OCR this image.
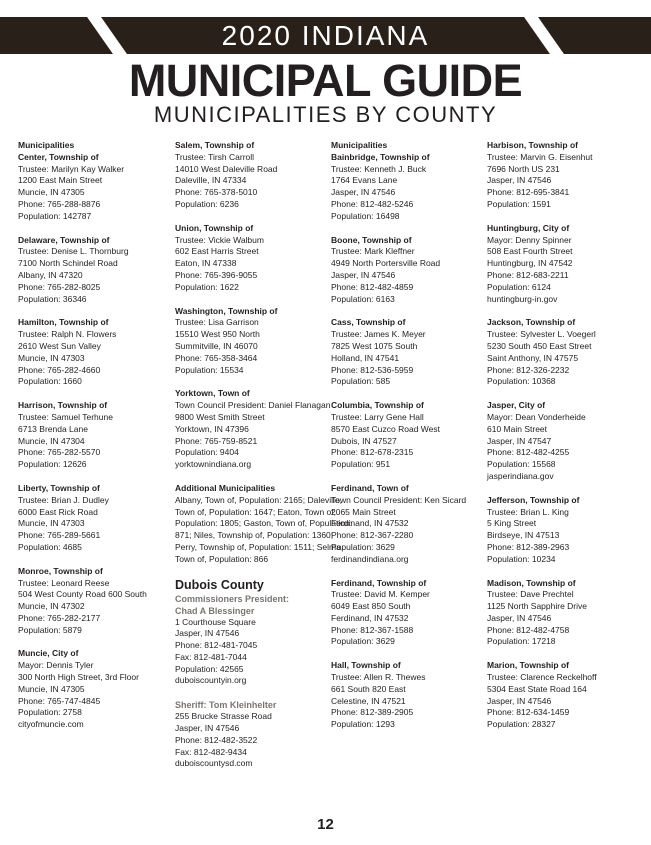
2020 INDIANA
MUNICIPAL GUIDE
MUNICIPALITIES BY COUNTY
Municipalities
Center, Township of
Trustee: Marilyn Kay Walker
1200 East Main Street
Muncie, IN 47305
Phone: 765-288-8876
Population: 142787
Delaware, Township of
Trustee: Denise L. Thornburg
7100 North Schindel Road
Albany, IN 47320
Phone: 765-282-8025
Population: 36346
Hamilton, Township of
Trustee: Ralph N. Flowers
2610 West Sun Valley
Muncie, IN 47303
Phone: 765-282-4660
Population: 1660
Harrison, Township of
Trustee: Samuel Terhune
6713 Brenda Lane
Muncie, IN 47304
Phone: 765-282-5570
Population: 12626
Liberty, Township of
Trustee: Brian J. Dudley
6000 East Rick Road
Muncie, IN 47303
Phone: 765-289-5661
Population: 4685
Monroe, Township of
Trustee: Leonard Reese
504 West County Road 600 South
Muncie, IN 47302
Phone: 765-282-2177
Population: 5879
Muncie, City of
Mayor: Dennis Tyler
300 North High Street, 3rd Floor
Muncie, IN 47305
Phone: 765-747-4845
Population: 2758
cityofmuncie.com
Salem, Township of
Trustee: Tirsh Carroll
14010 West Daleville Road
Daleville, IN 47334
Phone: 765-378-5010
Population: 6236
Union, Township of
Trustee: Vickie Walbum
602 East Harris Street
Eaton, IN 47338
Phone: 765-396-9055
Population: 1622
Washington, Township of
Trustee: Lisa Garrison
15510 West 950 North
Summitville, IN 46070
Phone: 765-358-3464
Population: 15534
Yorktown, Town of
Town Council President: Daniel Flanagan
9800 West Smith Street
Yorktown, IN 47396
Phone: 765-759-8521
Population: 9404
yorktownindiana.org
Additional Municipalities
Albany, Town of, Population: 2165; Daleville,
Town of, Population: 1647; Eaton, Town of,
Population: 1805; Gaston, Town of, Population:
871; Niles, Township of, Population: 1360;
Perry, Township of, Population: 1511; Selma,
Town of, Population: 866
Dubois County
Commissioners President:
Chad A Blessinger
1 Courthouse Square
Jasper, IN 47546
Phone: 812-481-7045
Fax: 812-481-7044
Population: 42565
duboiscountyin.org
Sheriff: Tom Kleinhelter
255 Brucke Strasse Road
Jasper, IN 47546
Phone: 812-482-3522
Fax: 812-482-9434
duboiscountysd.com
Municipalities
Bainbridge, Township of
Trustee: Kenneth J. Buck
1764 Evans Lane
Jasper, IN 47546
Phone: 812-482-5246
Population: 16498
Boone, Township of
Trustee: Mark Kleffner
4949 North Portersville Road
Jasper, IN 47546
Phone: 812-482-4859
Population: 6163
Cass, Township of
Trustee: James K. Meyer
7825 West 1075 South
Holland, IN 47541
Phone: 812-536-5959
Population: 585
Columbia, Township of
Trustee: Larry Gene Hall
8570 East Cuzco Road West
Dubois, IN 47527
Phone: 812-678-2315
Population: 951
Ferdinand, Town of
Town Council President: Ken Sicard
2065 Main Street
Ferdinand, IN 47532
Phone: 812-367-2280
Population: 3629
ferdinandindiana.org
Ferdinand, Township of
Trustee: David M. Kemper
6049 East 850 South
Ferdinand, IN 47532
Phone: 812-367-1588
Population: 3629
Hall, Township of
Trustee: Allen R. Thewes
661 South 820 East
Celestine, IN 47521
Phone: 812-389-2905
Population: 1293
Harbison, Township of
Trustee: Marvin G. Eisenhut
7696 North US 231
Jasper, IN 47546
Phone: 812-695-3841
Population: 1591
Huntingburg, City of
Mayor: Denny Spinner
508 East Fourth Street
Huntingburg, IN 47542
Phone: 812-683-2211
Population: 6124
huntingburg-in.gov
Jackson, Township of
Trustee: Sylvester L. Voegerl
5230 South 450 East Street
Saint Anthony, IN 47575
Phone: 812-326-2232
Population: 10368
Jasper, City of
Mayor: Dean Vonderheide
610 Main Street
Jasper, IN 47547
Phone: 812-482-4255
Population: 15568
jasperindiana.gov
Jefferson, Township of
Trustee: Brian L. King
5 King Street
Birdseye, IN 47513
Phone: 812-389-2963
Population: 10234
Madison, Township of
Trustee: Dave Prechtel
1125 North Sapphire Drive
Jasper, IN 47546
Phone: 812-482-4758
Population: 17218
Marion, Township of
Trustee: Clarence Reckelhoff
5304 East State Road 164
Jasper, IN 47546
Phone: 812-634-1459
Population: 28327
12
